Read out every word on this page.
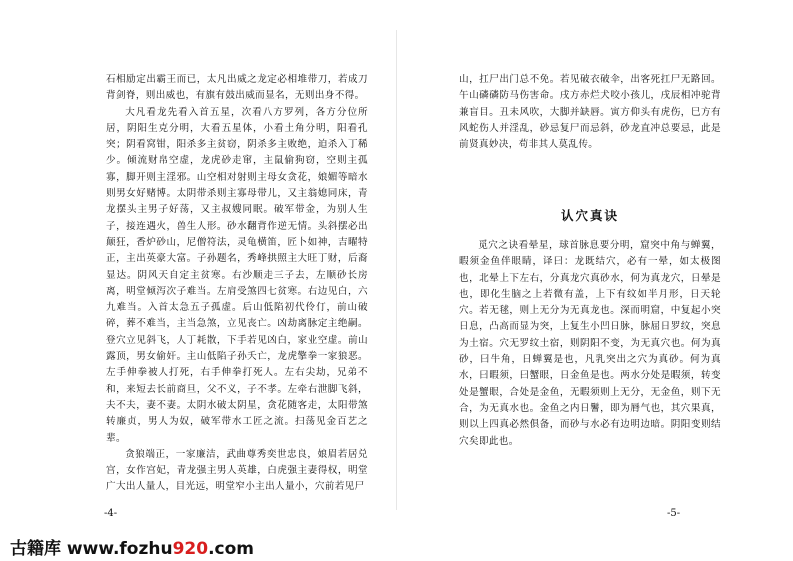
石相励定出霸王而已，太凡出威之龙定必相堆带刀，若成刀背剑脊，则出威也，有旗有鼓出威而显名，无则出身不得。

大凡看龙先看入首五星，次看八方罗列，各方分位所居，阴阳生克分明，大看五星体，小看土角分明，阳看孔突；阴看窝钳，阳杀多主贫窃，阴杀多主败绝，迫杀入丁稀少。倾流财帛空虚，龙虎砂走窜，主鼠偷狗窃，空则主孤寡，脚开则主淫邪。山空相对射则主母女贪花，娘媚等暗水则男女好赌博。太阴带杀则主寡母带儿，又主翁媳同床，青龙摆头主男子好荡，又主叔嫂同眠。破军带金，为别人生子，接连遇火，兽生人形。砂水翻背作逆无情。头斜摆必出颠狂，香炉砂山，尼僧符法，灵龟横笛，匠卜如神，吉曜特正，主出英豪大富。子孙题名，秀峰拱照主大旺丁财，后裔显达。阴风天自定主贫寒。右沙顺走三子去，左顺砂长房离，明堂倾泻次子难当。左肩受煞四七贫寒。右边见白，六九难当。入首太急五子孤虚。后山低陷初代伶仃，前山破碎，葬不难当，主当急煞，立见丧亡。凶劫离脉定主绝嗣。登穴立见斜飞，人丁耗散，下手若见凶白，家业空虚。前山露顶，男女偷奸。主山低陷子孙夭亡，龙虎擎拳一家狼恶。左手伸拳被人打死，右手伸拳打死人。左右尖劫，兄弟不和，来短去长前商旦，父不义，子不孝。左牵右泄脚飞斜，夫不夫，妻不妻。太阴水破太阴星，贪花随客走，太阳带煞转廉贞，男人为奴，破军带水工匠之流。扫荡见金百艺之辈。

贪狼端正，一家廉洁，武曲尊秀奕世忠良，娘眉若居兑宫，女作宫妃，青龙强主男人英雄，白虎强主妻得权，明堂广大出人量人，目光远，明堂窄小主出人量小，穴前若见尸

-4-

山，扛尸出门总不免。若见破衣破伞，出客死扛尸无路回。午山磷磷防马伤害命。戌方赤烂犬咬小孩儿，戌辰相冲驼背兼盲目。丑未风吹，大脚并缺唇。寅方仰头有虎伤，巳方有风蛇伤人并淫乱，砂忌复尸而忌斜，砂龙直冲总要忌，此是前贤真妙决，苟非其人莫乱传。

认穴真诀

觅穴之诀看晕星，球首脉息要分明，窟突中角与蝉翼，暇须金鱼伴眼睛，译曰：龙既结穴，必有一晕，如太极图也，北晕上下左右，分真龙穴真砂水，何为真龙穴，日晕是也，即化生脑之上若微有盖，上下有纹如半月形，日天轮穴。若无毬，则上无分为无真龙也。深而明窟，中复起小突日息，凸高而显为突，上复生小凹日脉，脉屈日罗纹，突息为土宿。穴无罗纹土宿，则阴阳不变，为无真穴也。何为真砂，曰牛角，日蝉翼是也，凡乳突出之穴为真砂。何为真水，曰暇须，曰蟹眼，日金鱼是也。两水分处是暇须，转变处是蟹眼，合处是金鱼，无暇须则上无分，无金鱼，则下无合，为无真水也。金鱼之内日鬐，即为脣气也，其穴果真，则以上四真必然俱备，而砂与水必有边明边暗。阴阳变则结穴矣即此也。

-5-
古籍库 www.fozhu920.com
